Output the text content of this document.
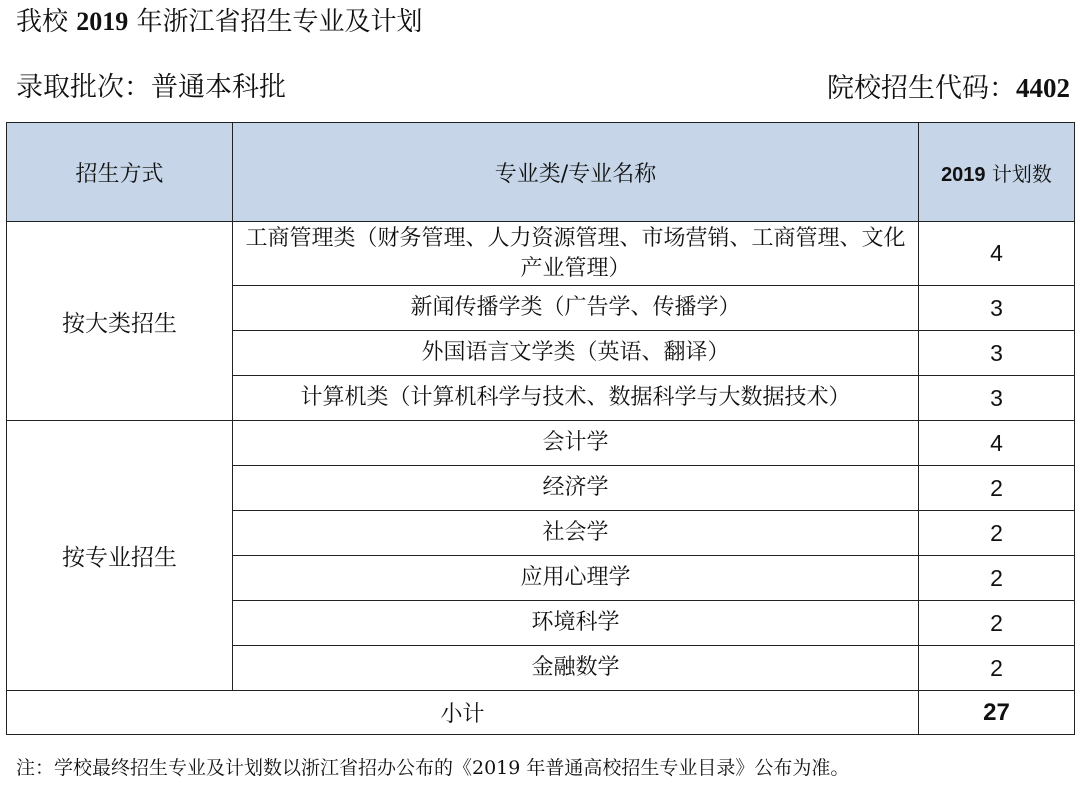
我校 2019 年浙江省招生专业及计划
录取批次：普通本科批	院校招生代码：4402
招生方式	专业类/专业名称	2019 计划数
按大类招生	工商管理类（财务管理、人力资源管理、市场营销、工商管理、文化产业管理）	4
	新闻传播学类（广告学、传播学）	3
	外国语言文学类（英语、翻译）	3
	计算机类（计算机科学与技术、数据科学与大数据技术）	3
按专业招生	会计学	4
	经济学	2
	社会学	2
	应用心理学	2
	环境科学	2
	金融数学	2
小计		27
注：学校最终招生专业及计划数以浙江省招办公布的《2019 年普通高校招生专业目录》公布为准。
